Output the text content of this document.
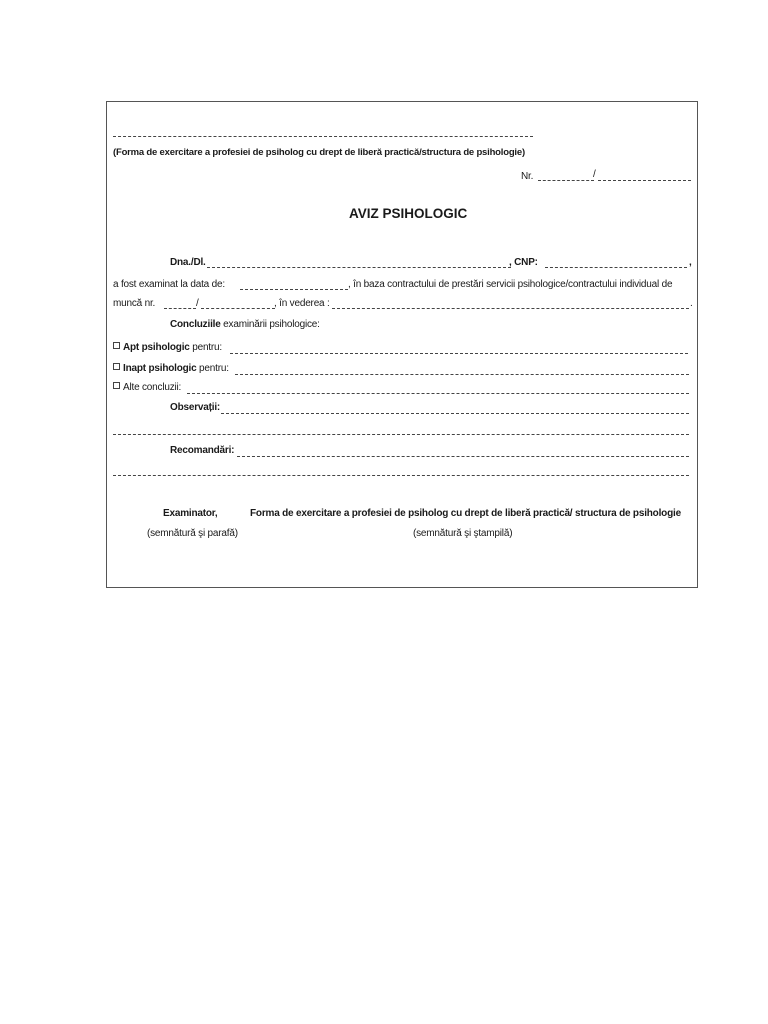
(Forma de exercitare a profesiei de psiholog cu drept de liberă practică/structura de psihologie)
Nr.	/
AVIZ PSIHOLOGIC
Dna./Dl.	, CNP:	,
a fost examinat la data de:	, în baza contractului de prestări servicii psihologice/contractului individual de
muncă nr.	/	, în vederea :	.
Concluziile examinării psihologice:
Apt psihologic pentru:
Inapt psihologic pentru:
Alte concluzii:
Observații:
Recomandări:
Examinator,
(semnătură şi parafă)
Forma de exercitare a profesiei de psiholog cu drept de liberă practică/ structura de psihologie
(semnătură şi ştampilă)
